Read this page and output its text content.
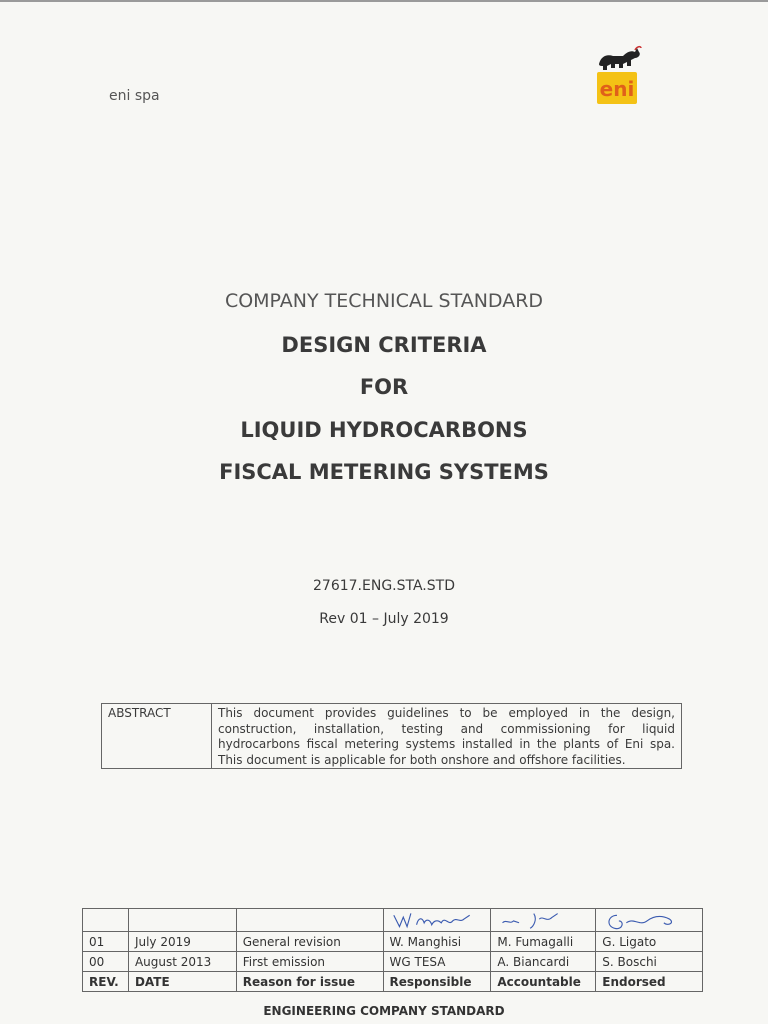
eni spa	eni
COMPANY TECHNICAL STANDARD
DESIGN CRITERIA
FOR
LIQUID HYDROCARBONS
FISCAL METERING SYSTEMS
27617.ENG.STA.STD
Rev 01 – July 2019
ABSTRACT	This document provides guidelines to be employed in the design, construction, installation, testing and commissioning for liquid hydrocarbons fiscal metering systems installed in the plants of Eni spa. This document is applicable for both onshore and offshore facilities.

01	July 2019	General revision	W. Manghisi	M. Fumagalli	G. Ligato
00	August 2013	First emission	WG TESA	A. Biancardi	S. Boschi
REV.	DATE	Reason for issue	Responsible	Accountable	Endorsed
ENGINEERING COMPANY STANDARD
